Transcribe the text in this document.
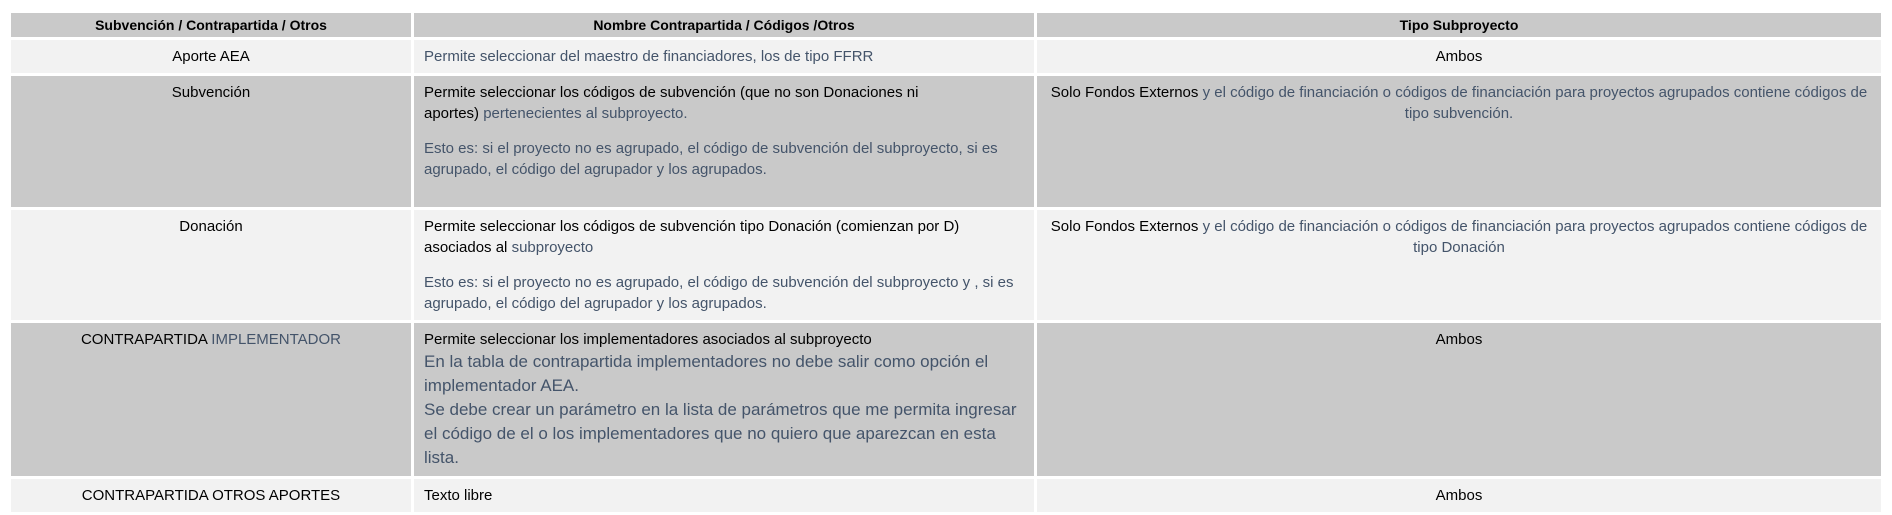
Subvención / Contrapartida / Otros	Nombre Contrapartida / Códigos /Otros	Tipo Subproyecto
Aporte AEA	Permite seleccionar del maestro de financiadores, los de tipo FFRR	Ambos
Subvención	Permite seleccionar los códigos de subvención (que no son Donaciones ni
aportes) pertenecientes al subproyecto.
Esto es: si el proyecto no es agrupado, el código de subvención del subproyecto, si es agrupado, el código del agrupador y los agrupados.	Solo Fondos Externos y el código de financiación o códigos de financiación para proyectos agrupados contiene códigos de tipo subvención.
Donación	Permite seleccionar los códigos de subvención tipo Donación (comienzan por D)
asociados al subproyecto
Esto es: si el proyecto no es agrupado, el código de subvención del subproyecto y , si es agrupado, el código del agrupador y los agrupados.	Solo Fondos Externos y el código de financiación o códigos de financiación para proyectos agrupados contiene códigos de tipo Donación
CONTRAPARTIDA IMPLEMENTADOR	Permite seleccionar los implementadores asociados al subproyecto
En la tabla de contrapartida implementadores no debe salir como opción el implementador AEA.
Se debe crear un parámetro en la lista de parámetros que me permita ingresar el código de el o los implementadores que no quiero que aparezcan en esta lista.	Ambos
CONTRAPARTIDA OTROS APORTES	Texto libre	Ambos
